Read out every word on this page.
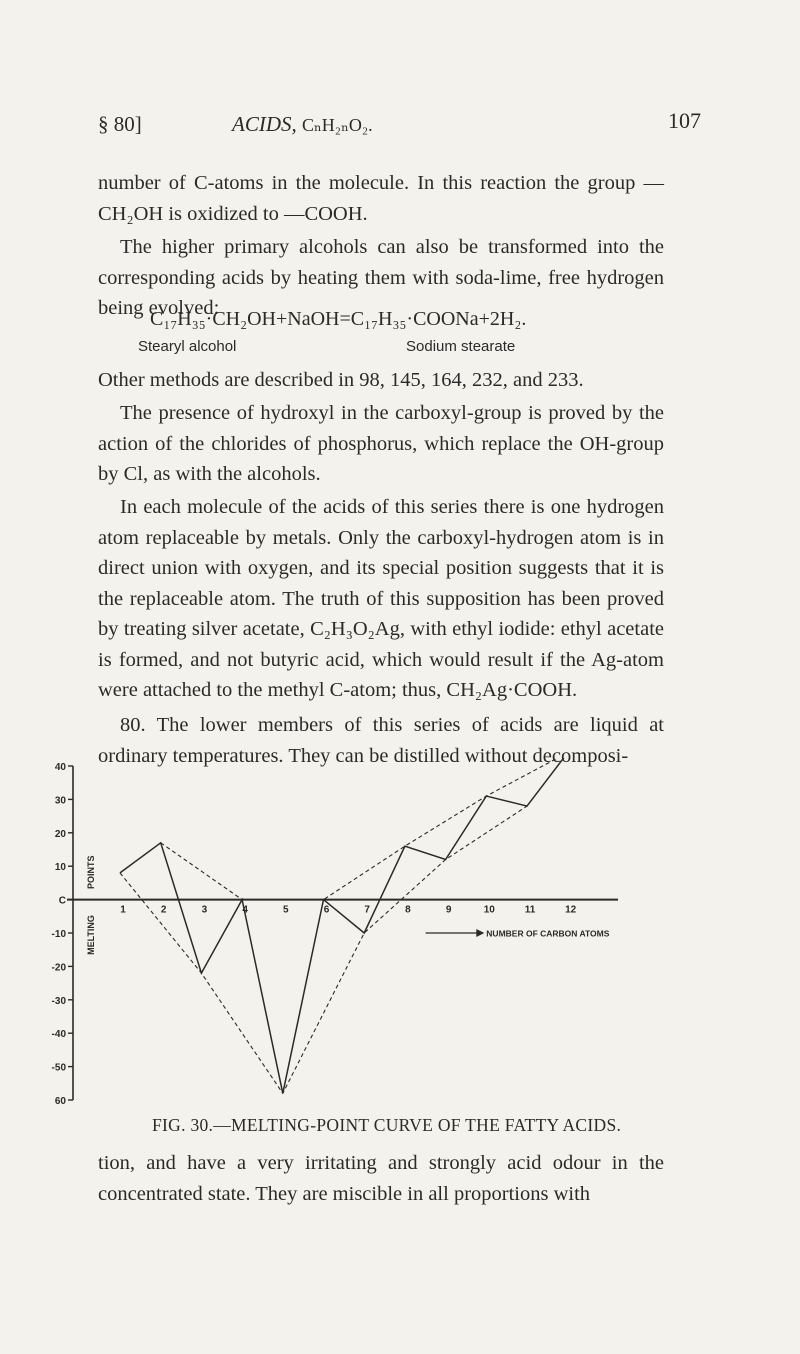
§ 80]	ACIDS, CₙH₂ₙO₂.	107

number of C-atoms in the molecule. In this reaction the group —CH₂OH is oxidized to —COOH.

The higher primary alcohols can also be transformed into the corresponding acids by heating them with soda-lime, free hydrogen being evolved:

C₁₇H₃₅·CH₂OH+NaOH=C₁₇H₃₅·COONa+2H₂.
Stearyl alcohol	Sodium stearate

Other methods are described in 98, 145, 164, 232, and 233.

The presence of hydroxyl in the carboxyl-group is proved by the action of the chlorides of phosphorus, which replace the OH-group by Cl, as with the alcohols.

In each molecule of the acids of this series there is one hydrogen atom replaceable by metals. Only the carboxyl-hydrogen atom is in direct union with oxygen, and its special position suggests that it is the replaceable atom. The truth of this supposition has been proved by treating silver acetate, C₂H₃O₂Ag, with ethyl iodide: ethyl acetate is formed, and not butyric acid, which would result if the Ag-atom were attached to the methyl C-atom; thus, CH₂Ag·COOH.

80. The lower members of this series of acids are liquid at ordinary temperatures. They can be distilled without decomposi-

40
30
20
10
C
-10
-20
-30
-40
-50
60
1	2	3	4	5	6	7	8	9	10	11	12
POINTS
MELTING	NUMBER OF CARBON ATOMS
FIG. 30.—MELTING-POINT CURVE OF THE FATTY ACIDS.

tion, and have a very irritating and strongly acid odour in the concentrated state. They are miscible in all proportions with
